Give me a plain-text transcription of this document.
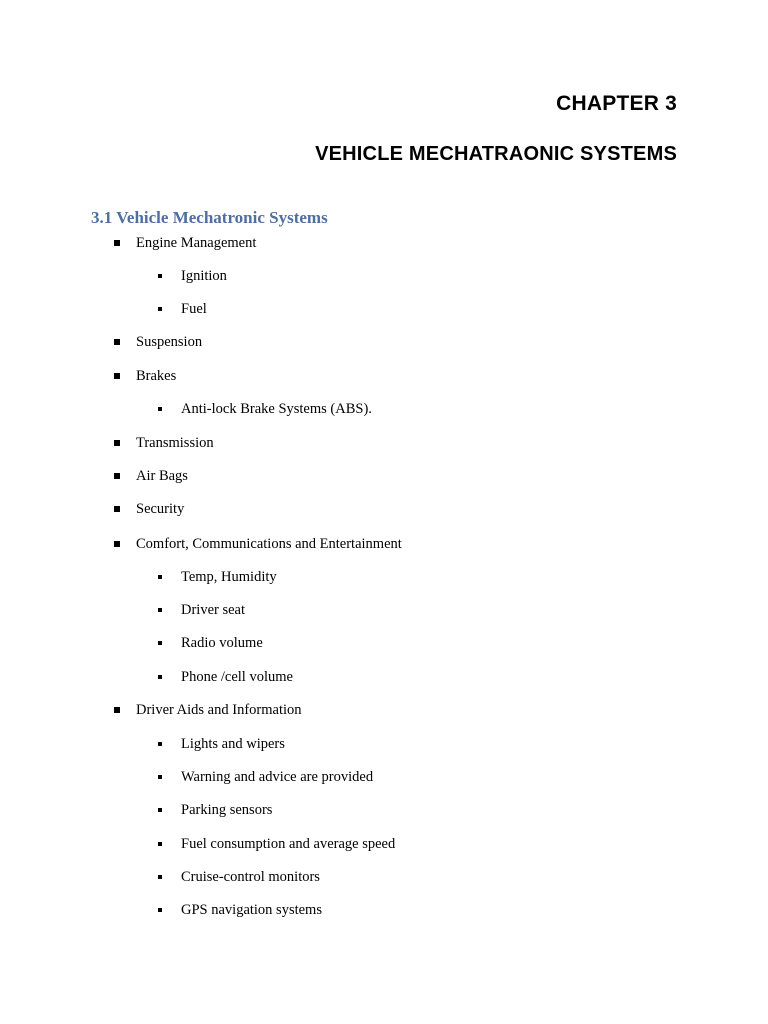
CHAPTER 3
VEHICLE MECHATRAONIC SYSTEMS
3.1 Vehicle Mechatronic Systems
Engine Management
Ignition
Fuel
Suspension
Brakes
Anti-lock Brake Systems (ABS).
Transmission
Air Bags
Security
Comfort, Communications and Entertainment
Temp, Humidity
Driver seat
Radio volume
Phone /cell volume
Driver Aids and Information
Lights and wipers
Warning and advice are provided
Parking sensors
Fuel consumption and average speed
Cruise-control monitors
GPS navigation systems
